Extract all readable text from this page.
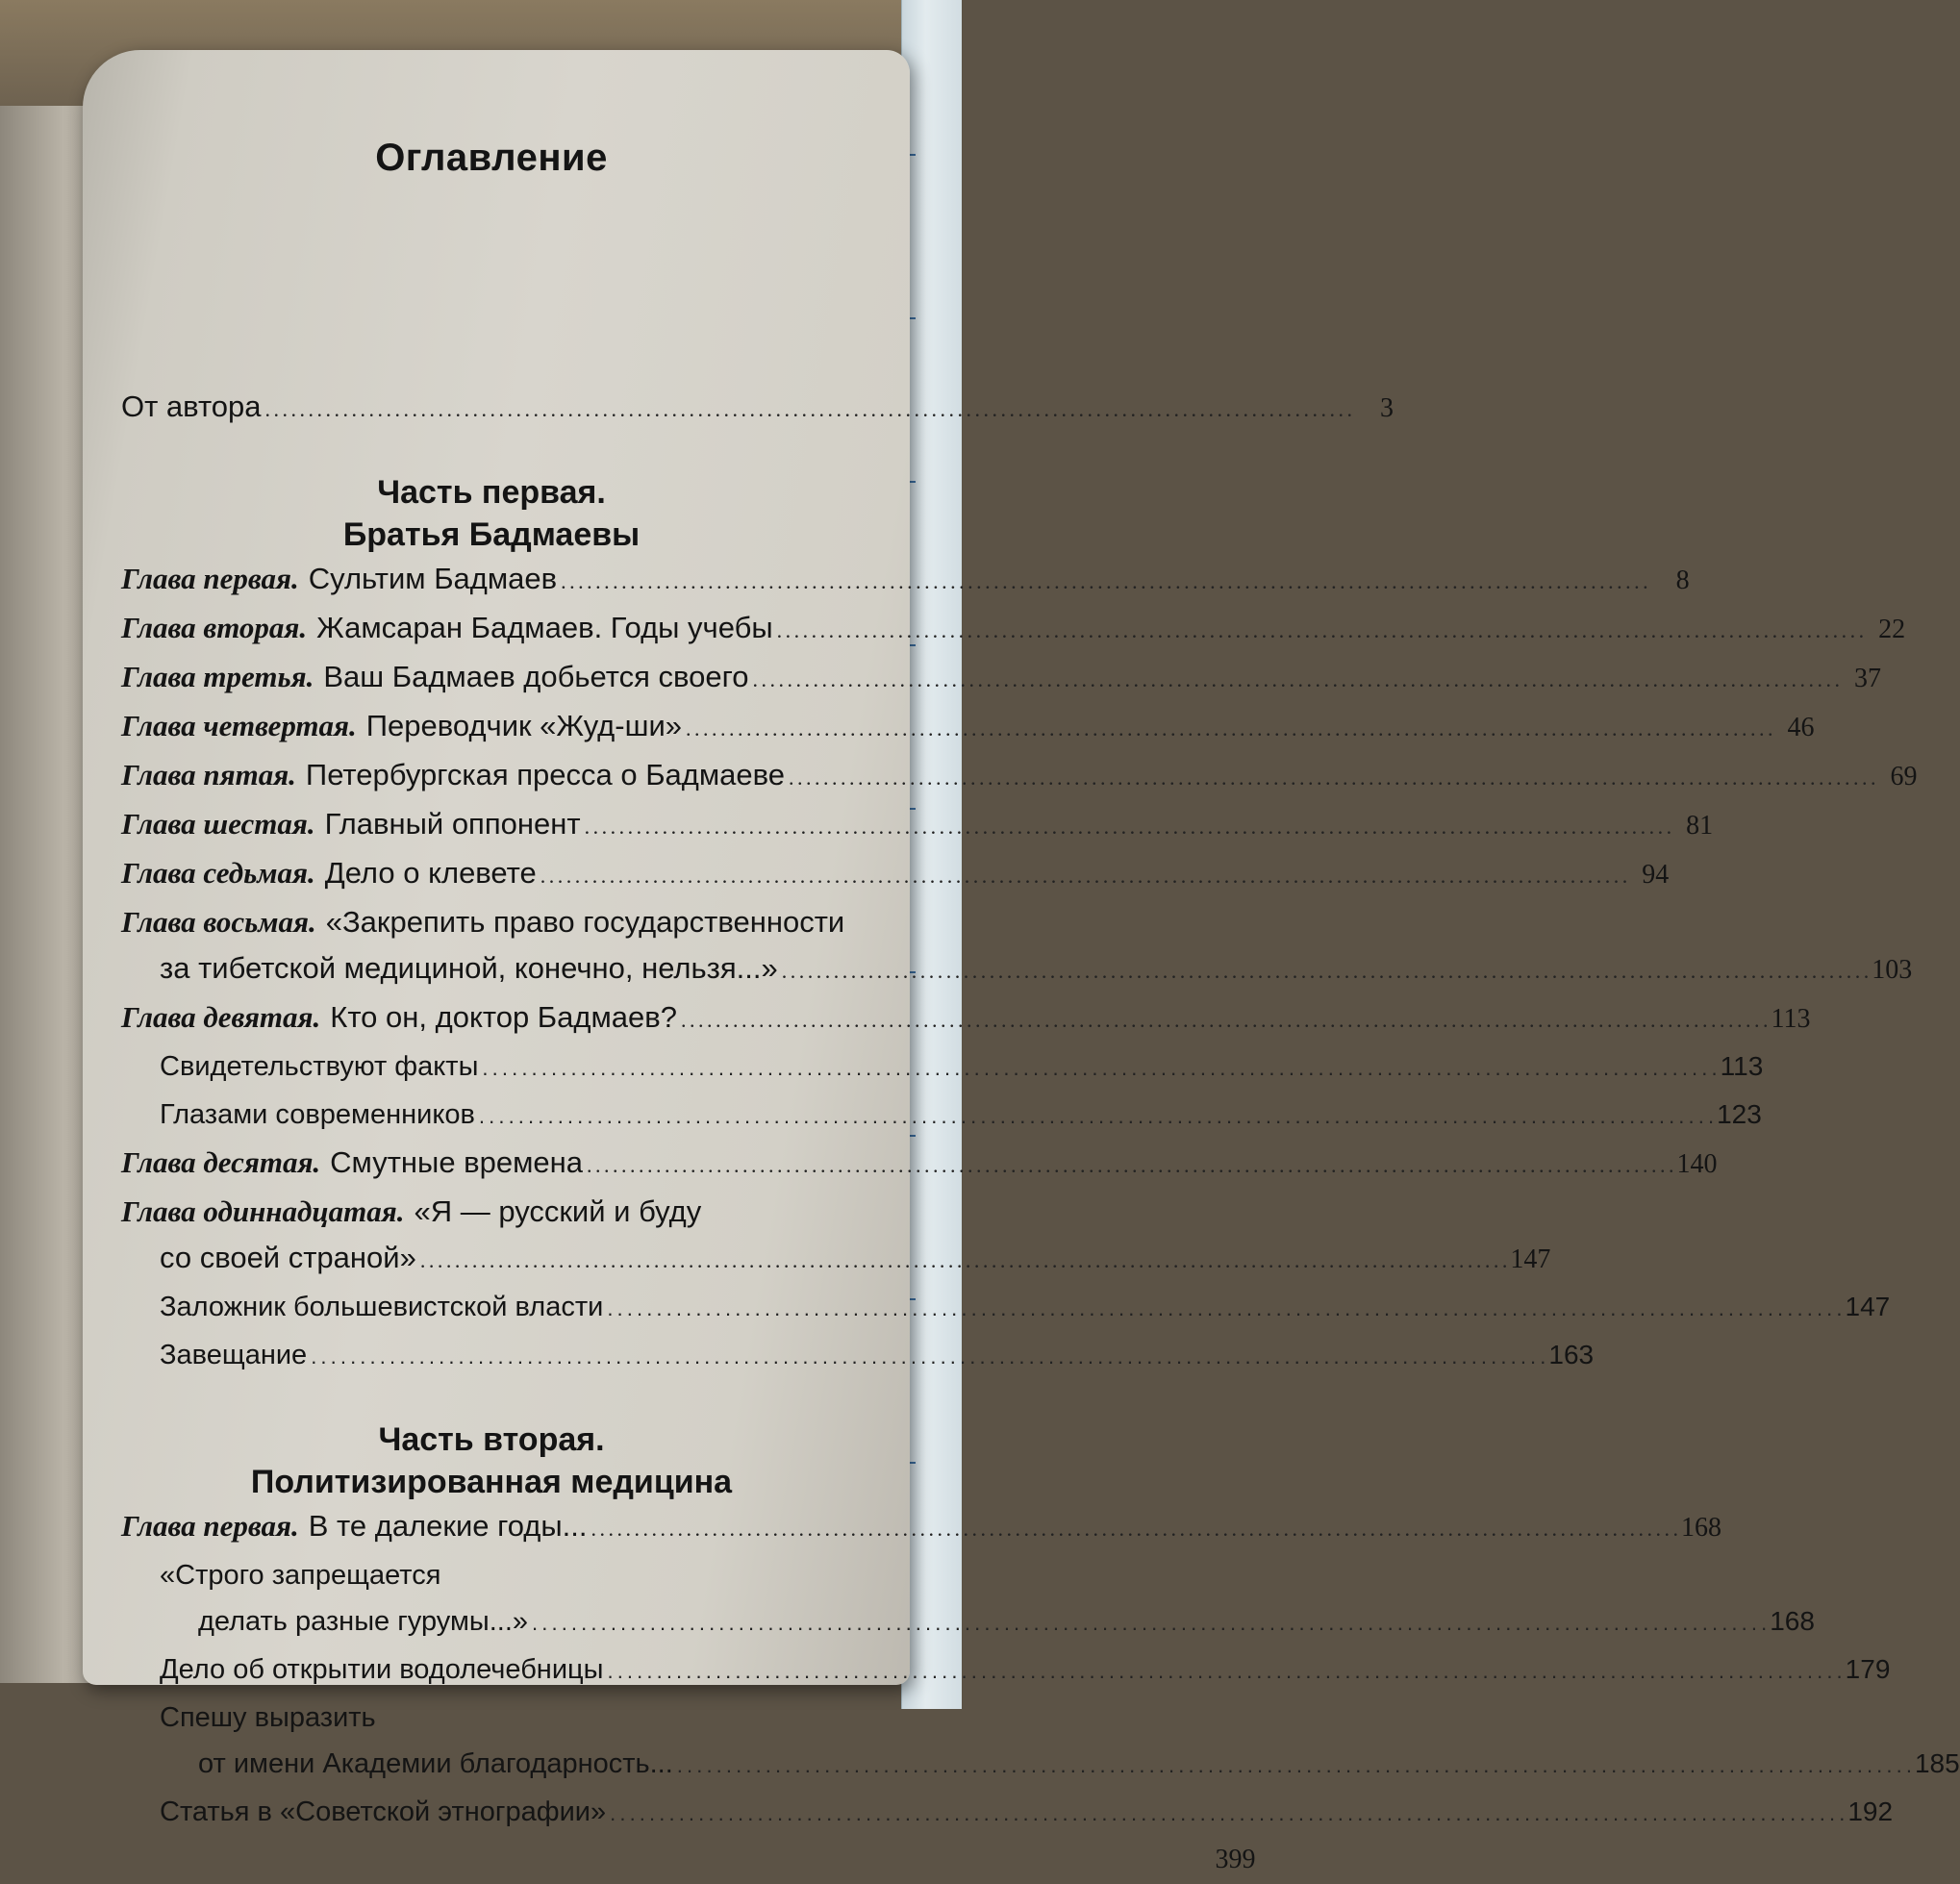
Оглавление
От автора . . .	3
Часть первая.
Братья Бадмаевы
Глава первая. Сультим Бадмаев . . .	8
Глава вторая. Жамсаран Бадмаев. Годы учебы . . .	22
Глава третья. Ваш Бадмаев добьется своего . . .	37
Глава четвертая. Переводчик «Жуд-ши» . . .	46
Глава пятая. Петербургская пресса о Бадмаеве . . .	69
Глава шестая. Главный оппонент . . .	81
Глава седьмая. Дело о клевете . . .	94
Глава восьмая. «Закрепить право государственности
за тибетской медициной, конечно, нельзя...» . . .	103
Глава девятая. Кто он, доктор Бадмаев? . . .	113
Свидетельствуют факты . . .	113
Глазами современников . . .	123
Глава десятая. Смутные времена . . .	140
Глава одиннадцатая. «Я — русский и буду
со своей страной» . . .	147
Заложник большевистской власти . . .	147
Завещание . . .	163
Часть вторая.
Политизированная медицина
Глава первая. В те далекие годы... . . .	168
«Строго запрещается
делать разные гурумы...» . . .	168
Дело об открытии водолечебницы . . .	179
Спешу выразить
от имени Академии благодарность... . . .	185
Статья в «Советской этнографии» . . .	192
399
